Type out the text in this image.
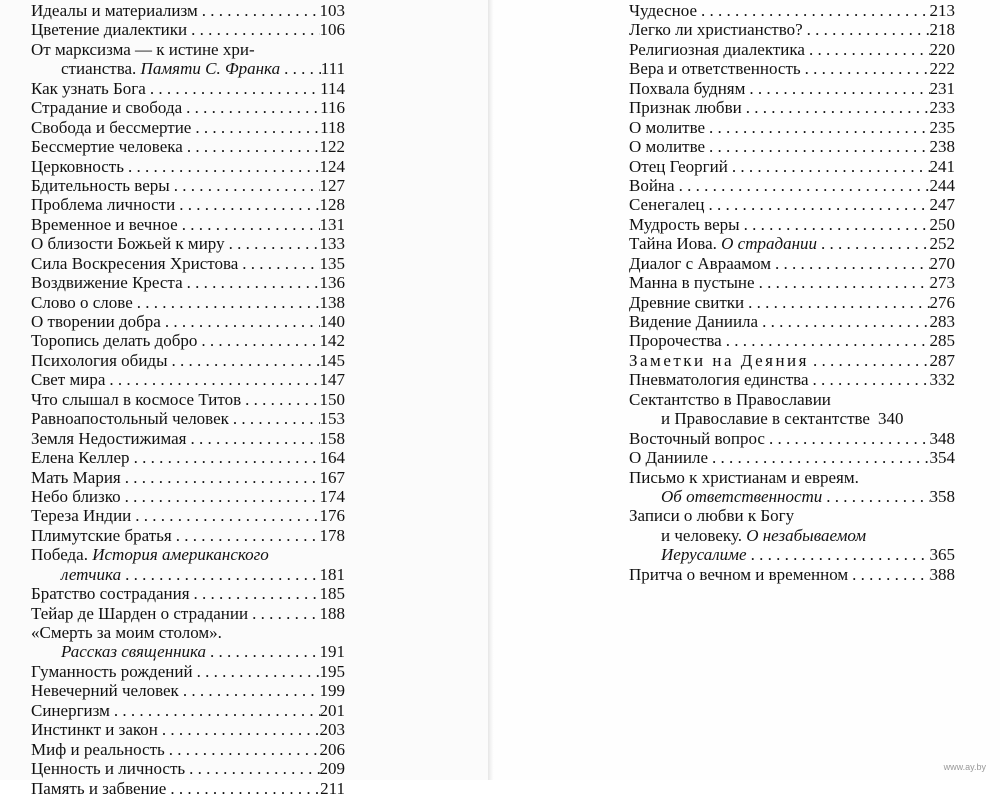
Идеалы и материализм . . .	103
Цветение диалектики . . .	106
От марксизма — к истине хри-
стианства. Памяти С. Франка . . . 111
Как узнать Бога . . .	114
Страдание и свобода . . .	116
Свобода и бессмертие . . .	118
Бессмертие человека . . .	122
Церковность . . .	124
Бдительность веры . . .	127
Проблема личности . . .	128
Временное и вечное . . .	131
О близости Божьей к миру . . .	133
Сила Воскресения Христова . . .	135
Воздвижение Креста . . .	136
Слово о слове . . .	138
О творении добра . . .	140
Торопись делать добро . . .	142
Психология обиды . . .	145
Свет мира . . .	147
Что слышал в космосе Титов . . .	150
Равноапостольный человек . . .	153
Земля Недостижимая . . .	158
Елена Келлер . . .	164
Мать Мария . . .	167
Небо близко . . .	174
Тереза Индии . . .	176
Плимутские братья . . .	178
Победа. История американского
летчика . . .	181
Братство сострадания . . .	185
Тейар де Шарден о страдании . . .	188
«Смерть за моим столом».
Рассказ священника . . .	191
Гуманность рождений . . .	195
Невечерний человек . . .	199
Синергизм . . .	201
Инстинкт и закон . . .	203
Миф и реальность . . .	206
Ценность и личность . . .	209
Память и забвение . . .	211
Чудесное . . .	213
Легко ли христианство? . . .	218
Религиозная диалектика . . .	220
Вера и ответственность . . .	222
Похвала будням . . .	231
Признак любви . . .	233
О молитве . . .	235
О молитве . . .	238
Отец Георгий . . .	241
Война . . .	244
Сенегалец . . .	247
Мудрость веры . . .	250
Тайна Иова. О страдании . . .	252
Диалог с Авраамом . . .	270
Манна в пустыне . . .	273
Древние свитки . . .	276
Видение Даниила . . .	283
Пророчества . . .	285
Заметки на Деяния . . .	287
Пневматология единства . . .	332
Сектантство в Православии
и Православие в сектантстве 340
Восточный вопрос . . .	348
О Данииле . . .	354
Письмо к христианам и евреям.
Об ответственности . . .	358
Записи о любви к Богу
и человеку. О незабываемом
Иерусалиме . . .	365
Притча о вечном и временном . . .	388
www.ay.by
